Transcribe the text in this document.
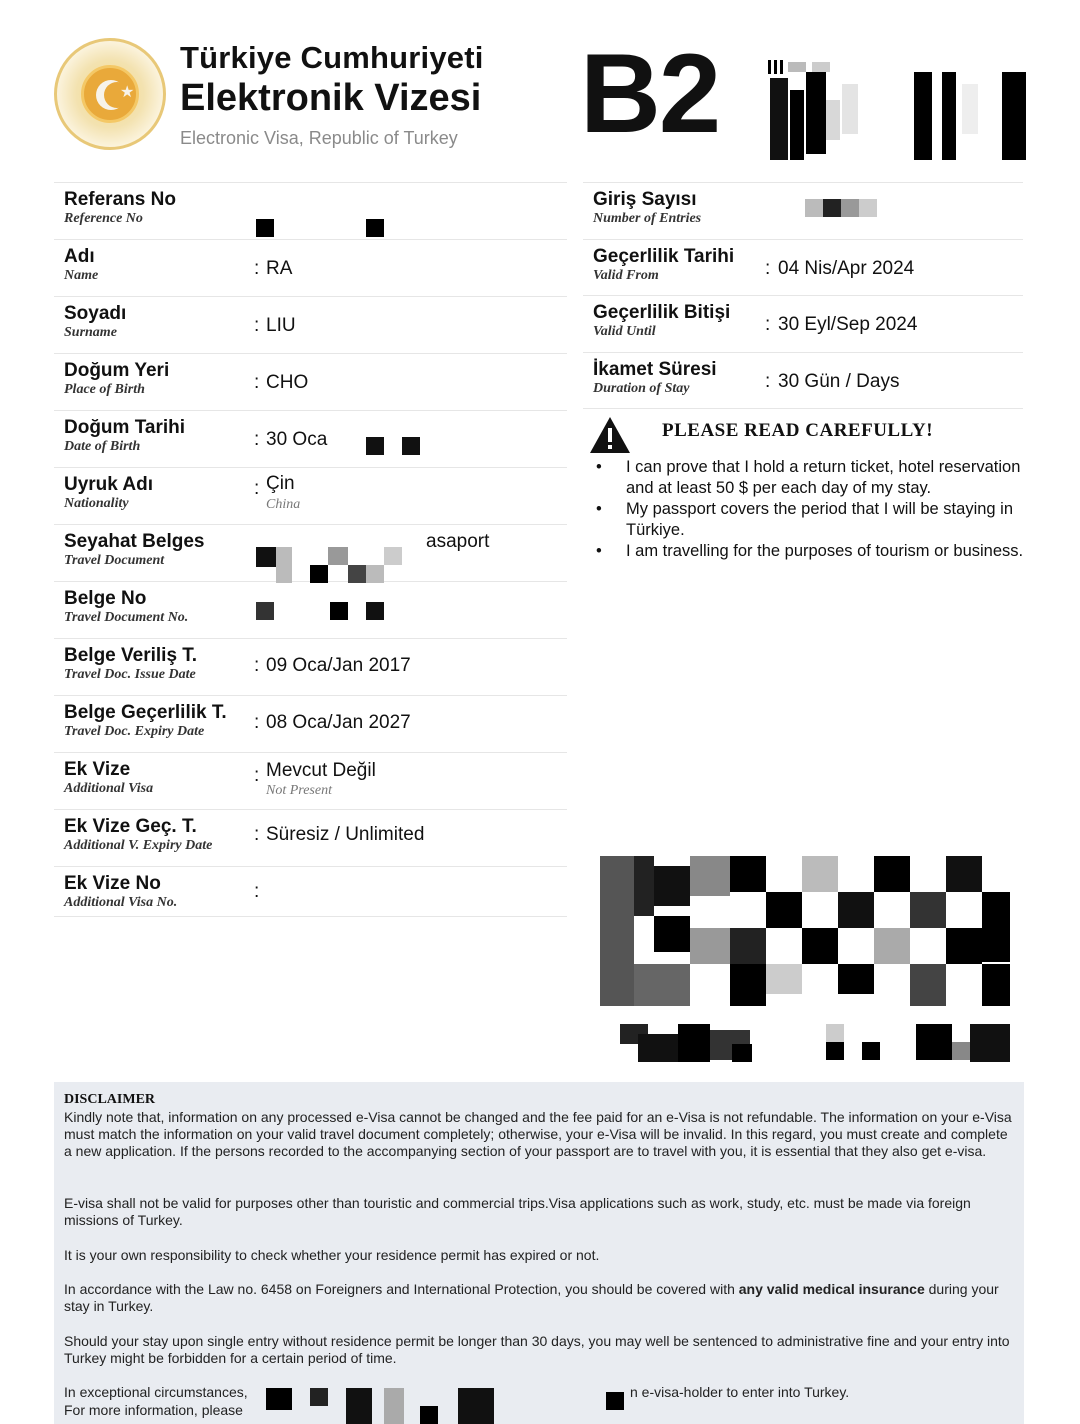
★
Türkiye Cumhuriyeti
Elektronik Vizesi
Electronic Visa, Republic of Turkey B2
Referans No
Reference No
Adı
Name	: RA
Soyadı
Surname	: LIU
Doğum Yeri
Place of Birth	: CHO
Doğum Tarihi
Date of Birth	: 30 Oca
Uyruk Adı
Nationality
: Çin
China
Seyahat Belges
Travel Document
asaport
Belge No
Travel Document No.
Belge Veriliş T.
Travel Doc. Issue Date	: 09 Oca/Jan 2017
Belge Geçerlilik T.
Travel Doc. Expiry Date	: 08 Oca/Jan 2027
Ek Vize
Additional Visa
: Mevcut Değil
Not Present
Ek Vize Geç. T.
Additional V. Expiry Date
: Süresiz / Unlimited
Ek Vize No
Additional Visa No.
:
Giriş Sayısı
Number of Entries
Geçerlilik Tarihi
Valid From	: 04 Nis/Apr 2024
Geçerlilik Bitişi
Valid Until	: 30 Eyl/Sep 2024
İkamet Süresi
Duration of Stay	: 30 Gün / Days
PLEASE READ CAREFULLY!
• I can prove that I hold a return ticket, hotel reservation and at least 50 $ per each day of my stay.
• My passport covers the period that I will be staying in Türkiye.
• I am travelling for the purposes of tourism or business.
DISCLAIMER
Kindly note that, information on any processed e-Visa cannot be changed and the fee paid for an e-Visa is not refundable. The information on your e-Visa must match the information on your valid travel document completely; otherwise, your e-Visa will be invalid. In this regard, you must create and complete a new application. If the persons recorded to the accompanying section of your passport are to travel with you, it is essential that they also get e-visa.
E-visa shall not be valid for purposes other than touristic and commercial trips.Visa applications such as work, study, etc. must be made via foreign missions of Turkey.
It is your own responsibility to check whether your residence permit has expired or not.
In accordance with the Law no. 6458 on Foreigners and International Protection, you should be covered with any valid medical insurance during your stay in Turkey.
Should your stay upon single entry without residence permit be longer than 30 days, you may well be sentenced to administrative fine and your entry into Turkey might be forbidden for a certain period of time.
In exceptional circumstances,	n e-visa-holder to enter into Turkey.
For more information, please
